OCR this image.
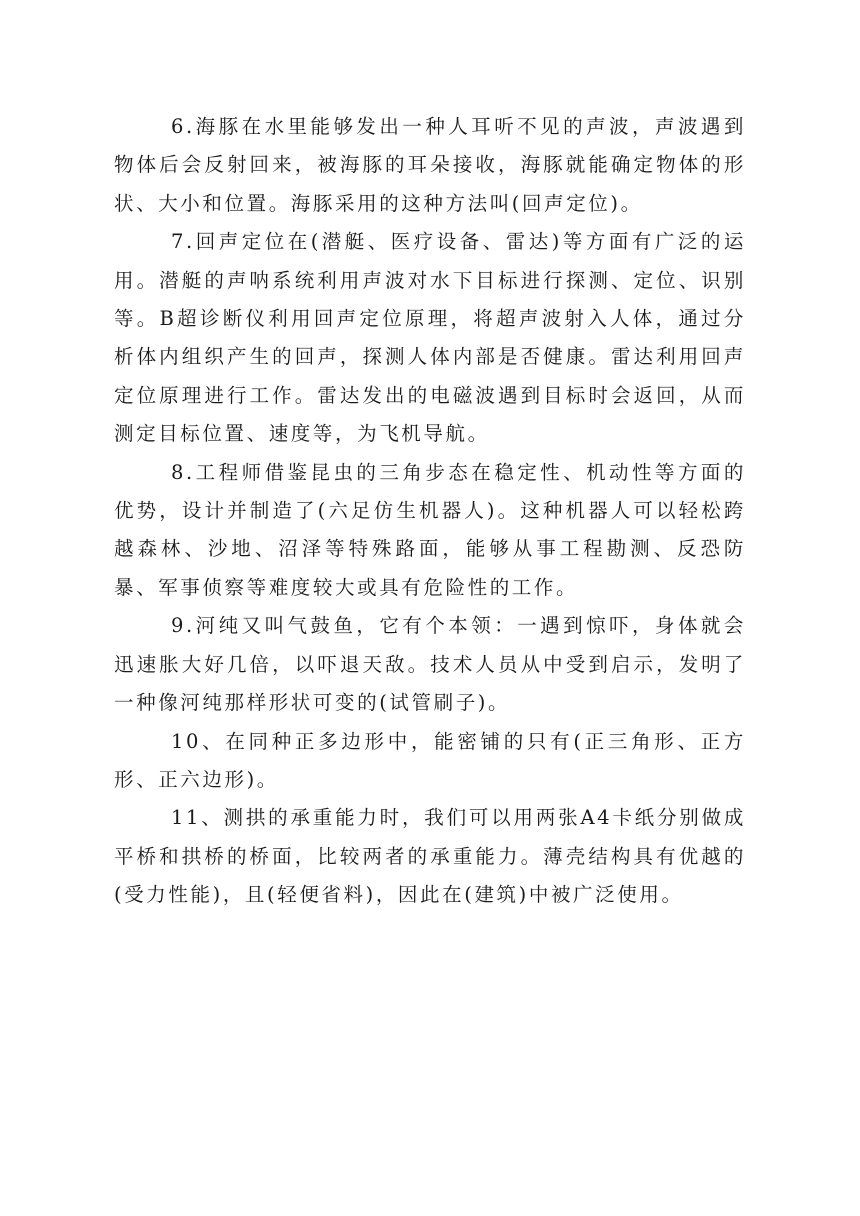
6.海豚在水里能够发出一种人耳听不见的声波，声波遇到物体后会反射回来，被海豚的耳朵接收，海豚就能确定物体的形状、大小和位置。海豚采用的这种方法叫(回声定位)。

7.回声定位在(潜艇、医疗设备、雷达)等方面有广泛的运用。潜艇的声呐系统利用声波对水下目标进行探测、定位、识别等。B超诊断仪利用回声定位原理，将超声波射入人体，通过分析体内组织产生的回声，探测人体内部是否健康。雷达利用回声定位原理进行工作。雷达发出的电磁波遇到目标时会返回，从而测定目标位置、速度等，为飞机导航。

8.工程师借鉴昆虫的三角步态在稳定性、机动性等方面的优势，设计并制造了(六足仿生机器人)。这种机器人可以轻松跨越森林、沙地、沼泽等特殊路面，能够从事工程勘测、反恐防暴、军事侦察等难度较大或具有危险性的工作。

9.河纯又叫气鼓鱼，它有个本领：一遇到惊吓，身体就会迅速胀大好几倍，以吓退天敌。技术人员从中受到启示，发明了一种像河纯那样形状可变的(试管刷子)。

10、在同种正多边形中，能密铺的只有(正三角形、正方形、正六边形)。

11、测拱的承重能力时，我们可以用两张A4卡纸分别做成平桥和拱桥的桥面，比较两者的承重能力。薄壳结构具有优越的(受力性能)，且(轻便省料)，因此在(建筑)中被广泛使用。
